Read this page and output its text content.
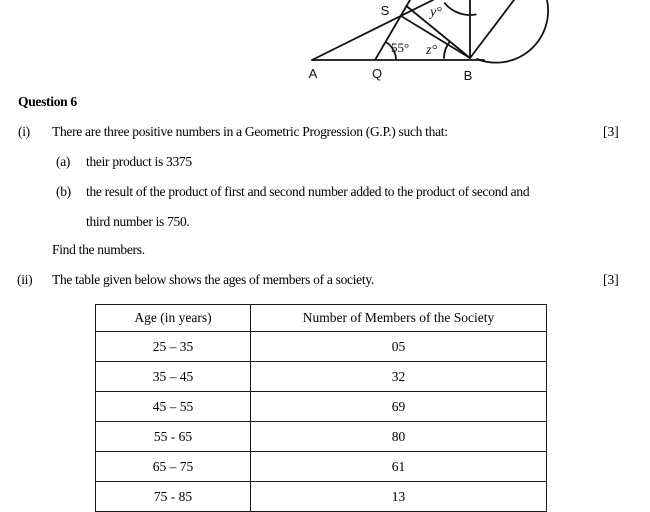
S
A	Q	B
55° z°
y°
Question 6
(i) There are three positive numbers in a Geometric Progression (G.P.) such that:	[3]
(a) their product is 3375
(b) the result of the product of first and second number added to the product of second and
third number is 750.
Find the numbers.
(ii) The table given below shows the ages of members of a society.	[3]
Age (in years)	Number of Members of the Society
25 – 35	05
35 – 45	32
45 – 55	69
55 - 65	80
65 – 75	61
75 - 85	13
